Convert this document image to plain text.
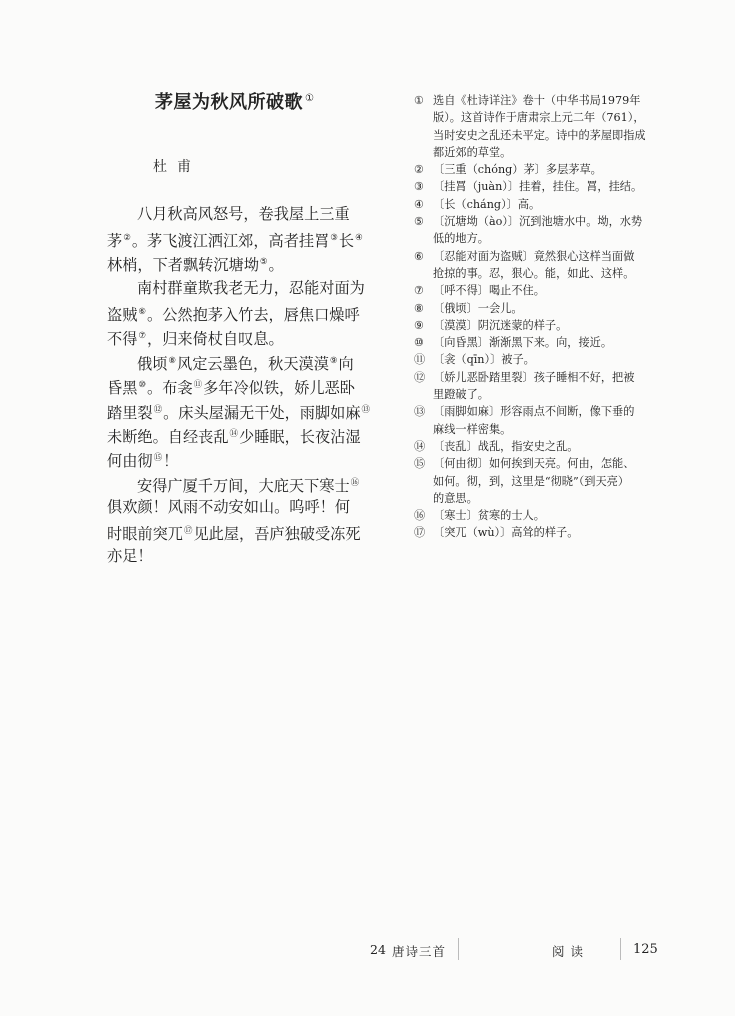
茅屋为秋风所破歌 ①
杜甫
八月秋高风怒号，卷我屋上三重
茅②。茅飞渡江洒江郊，高者挂罥③长④
林梢，下者飘转沉塘坳⑤。
南村群童欺我老无力，忍能对面为
盗贼⑥。公然抱茅入竹去，唇焦口燥呼
不得⑦，归来倚杖自叹息。
俄顷⑧风定云墨色，秋天漠漠⑨向
昏黑⑩。布衾⑪多年冷似铁，娇儿恶卧
踏里裂⑫。床头屋漏无干处，雨脚如麻⑬
未断绝。自经丧乱⑭少睡眠，长夜沾湿
何由彻⑮！
安得广厦千万间，大庇天下寒士⑯
俱欢颜！风雨不动安如山。呜呼！何
时眼前突兀⑰见此屋，吾庐独破受冻死
亦足！
① 选自《杜诗详注》卷十（中华书局1979年
版）。这首诗作于唐肃宗上元二年（761），
当时安史之乱还未平定。诗中的茅屋即指成
都近郊的草堂。
② 〔三重（chóng）茅〕多层茅草。
③ 〔挂罥（juàn）〕挂着，挂住。罥，挂结。
④ 〔长（cháng）〕高。
⑤ 〔沉塘坳（ào）〕沉到池塘水中。坳，水势
低的地方。
⑥ 〔忍能对面为盗贼〕竟然狠心这样当面做
抢掠的事。忍，狠心。能，如此、这样。
⑦ 〔呼不得〕喝止不住。
⑧ 〔俄顷〕一会儿。
⑨ 〔漠漠〕阴沉迷蒙的样子。
⑩ 〔向昏黑〕渐渐黑下来。向，接近。
⑪ 〔衾（qīn）〕被子。
⑫ 〔娇儿恶卧踏里裂〕孩子睡相不好，把被
里蹬破了。
⑬ 〔雨脚如麻〕形容雨点不间断，像下垂的
麻线一样密集。
⑭ 〔丧乱〕战乱，指安史之乱。
⑮ 〔何由彻〕如何挨到天亮。何由，怎能、
如何。彻，到，这里是“彻晓”（到天亮）
的意思。
⑯ 〔寒士〕贫寒的士人。
⑰ 〔突兀（wù）〕高耸的样子。
24 唐诗三首	阅读	125
